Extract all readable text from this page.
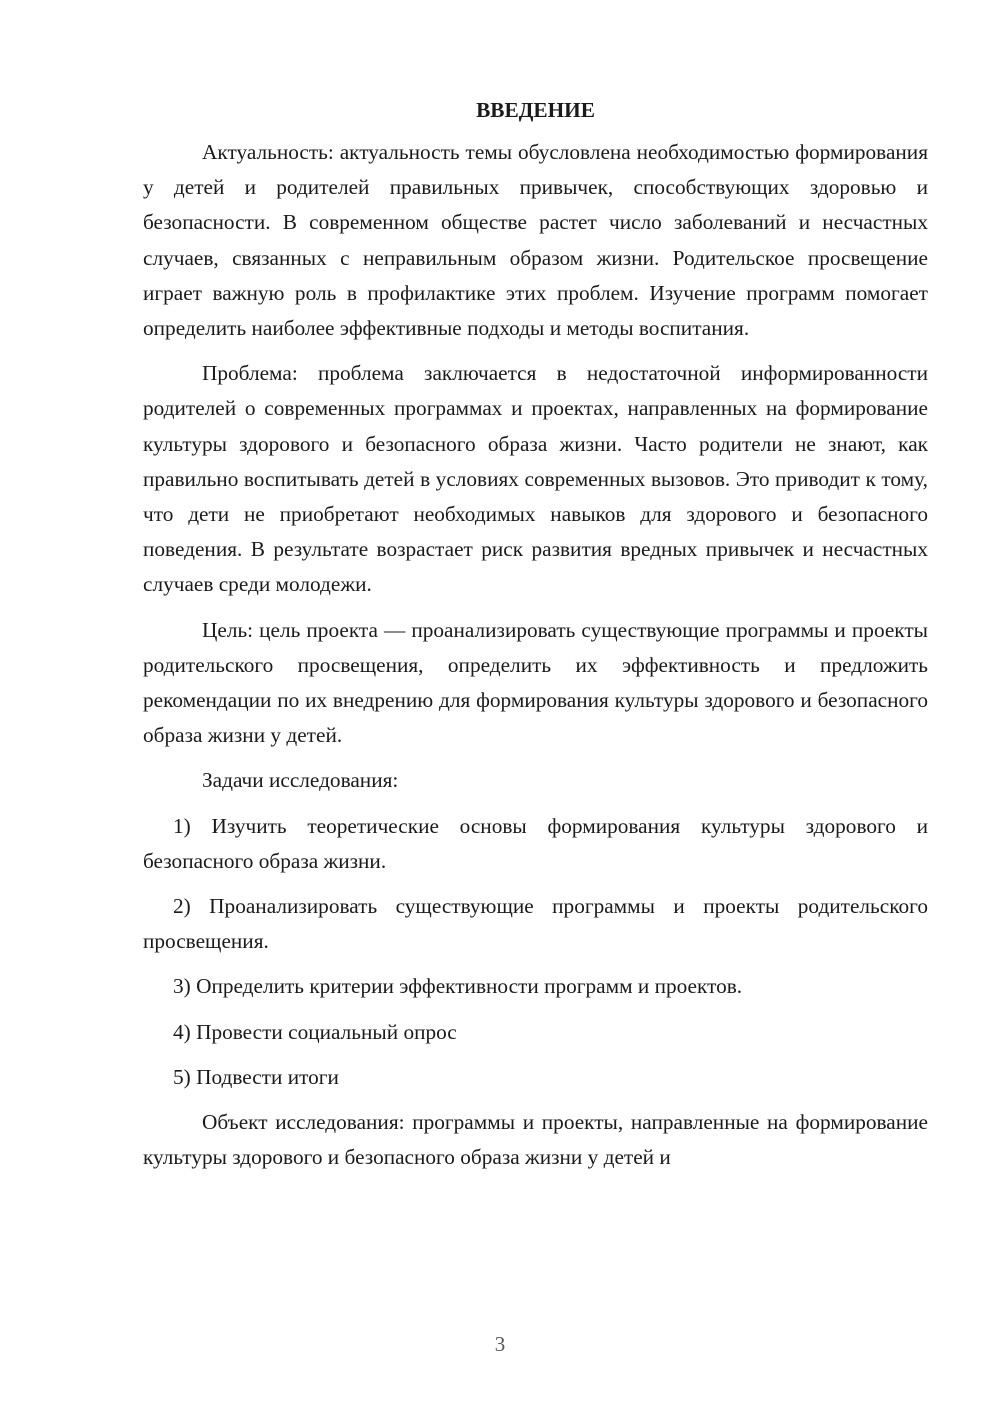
ВВЕДЕНИЕ

Актуальность: актуальность темы обусловлена необходимостью формирования у детей и родителей правильных привычек, способствующих здоровью и безопасности. В современном обществе растет число заболеваний и несчастных случаев, связанных с неправильным образом жизни. Родительское просвещение играет важную роль в профилактике этих проблем. Изучение программ помогает определить наиболее эффективные подходы и методы воспитания.

Проблема: проблема заключается в недостаточной информированности родителей о современных программах и проектах, направленных на формирование культуры здорового и безопасного образа жизни. Часто родители не знают, как правильно воспитывать детей в условиях современных вызовов. Это приводит к тому, что дети не приобретают необходимых навыков для здорового и безопасного поведения. В результате возрастает риск развития вредных привычек и несчастных случаев среди молодежи.

Цель: цель проекта — проанализировать существующие программы и проекты родительского просвещения, определить их эффективность и предложить рекомендации по их внедрению для формирования культуры здорового и безопасного образа жизни у детей.

Задачи исследования:

1) Изучить теоретические основы формирования культуры здорового и безопасного образа жизни.

2) Проанализировать существующие программы и проекты родительского просвещения.

3) Определить критерии эффективности программ и проектов.

4) Провести социальный опрос

5) Подвести итоги

Объект исследования: программы и проекты, направленные на формирование культуры здорового и безопасного образа жизни у детей и

3
